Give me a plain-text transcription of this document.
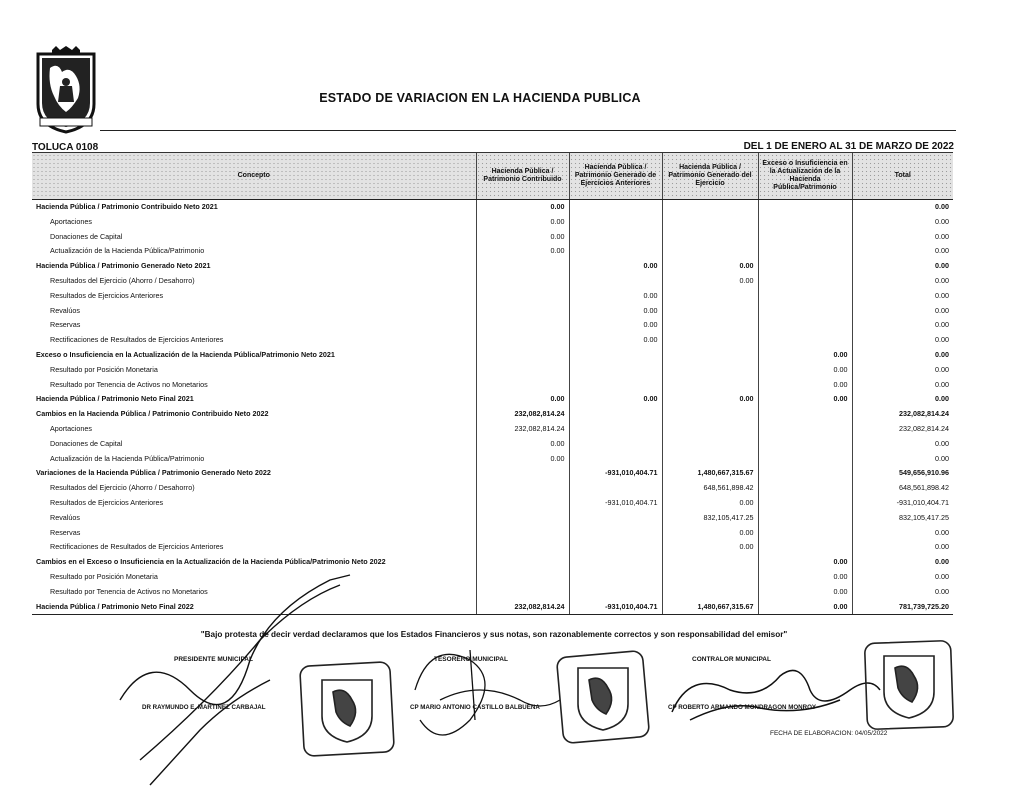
ESTADO DE VARIACION EN LA HACIENDA PUBLICA
TOLUCA 0108	DEL 1 DE ENERO AL 31 DE MARZO DE 2022
Concepto	Hacienda Pública / Patrimonio Contribuido	Hacienda Pública / Patrimonio Generado de Ejercicios Anteriores	Hacienda Pública / Patrimonio Generado del Ejercicio	Exceso o Insuficiencia en la Actualización de la Hacienda Pública/Patrimonio	Total
Hacienda Pública / Patrimonio Contribuido Neto 2021	0.00				0.00
Aportaciones	0.00				0.00
Donaciones de Capital	0.00				0.00
Actualización de la Hacienda Pública/Patrimonio	0.00				0.00
Hacienda Pública / Patrimonio Generado Neto 2021		0.00	0.00		0.00
Resultados del Ejercicio (Ahorro / Desahorro)			0.00		0.00
Resultados de Ejercicios Anteriores		0.00			0.00
Revalúos		0.00			0.00
Reservas		0.00			0.00
Rectificaciones de Resultados de Ejercicios Anteriores		0.00			0.00
Exceso o Insuficiencia en la Actualización de la Hacienda Pública/Patrimonio Neto 2021				0.00	0.00
Resultado por Posición Monetaria				0.00	0.00
Resultado por Tenencia de Activos no Monetarios				0.00	0.00
Hacienda Pública / Patrimonio Neto Final 2021	0.00	0.00	0.00	0.00	0.00
Cambios en la Hacienda Pública / Patrimonio Contribuido Neto 2022	232,082,814.24				232,082,814.24
Aportaciones	232,082,814.24				232,082,814.24
Donaciones de Capital	0.00				0.00
Actualización de la Hacienda Pública/Patrimonio	0.00				0.00
Variaciones de la Hacienda Pública / Patrimonio Generado Neto 2022		-931,010,404.71	1,480,667,315.67		549,656,910.96
Resultados del Ejercicio (Ahorro / Desahorro)			648,561,898.42		648,561,898.42
Resultados de Ejercicios Anteriores		-931,010,404.71	0.00		-931,010,404.71
Revalúos			832,105,417.25		832,105,417.25
Reservas			0.00		0.00
Rectificaciones de Resultados de Ejercicios Anteriores			0.00		0.00
Cambios en el Exceso o Insuficiencia en la Actualización de la Hacienda Pública/Patrimonio Neto 2022				0.00	0.00
Resultado por Posición Monetaria				0.00	0.00
Resultado por Tenencia de Activos no Monetarios				0.00	0.00
Hacienda Pública / Patrimonio Neto Final 2022	232,082,814.24	-931,010,404.71	1,480,667,315.67	0.00	781,739,725.20
"Bajo protesta de decir verdad declaramos que los Estados Financieros y sus notas, son razonablemente correctos y son responsabilidad del emisor"
PRESIDENTE MUNICIPAL	TESORERO MUNICIPAL	CONTRALOR MUNICIPAL
DR RAYMUNDO E. MARTINEZ CARBAJAL	CP MARIO ANTONIO CASTILLO BALBUENA	CP ROBERTO ARMANDO MONDRAGON MONROY
FECHA DE ELABORACION: 04/05/2022
